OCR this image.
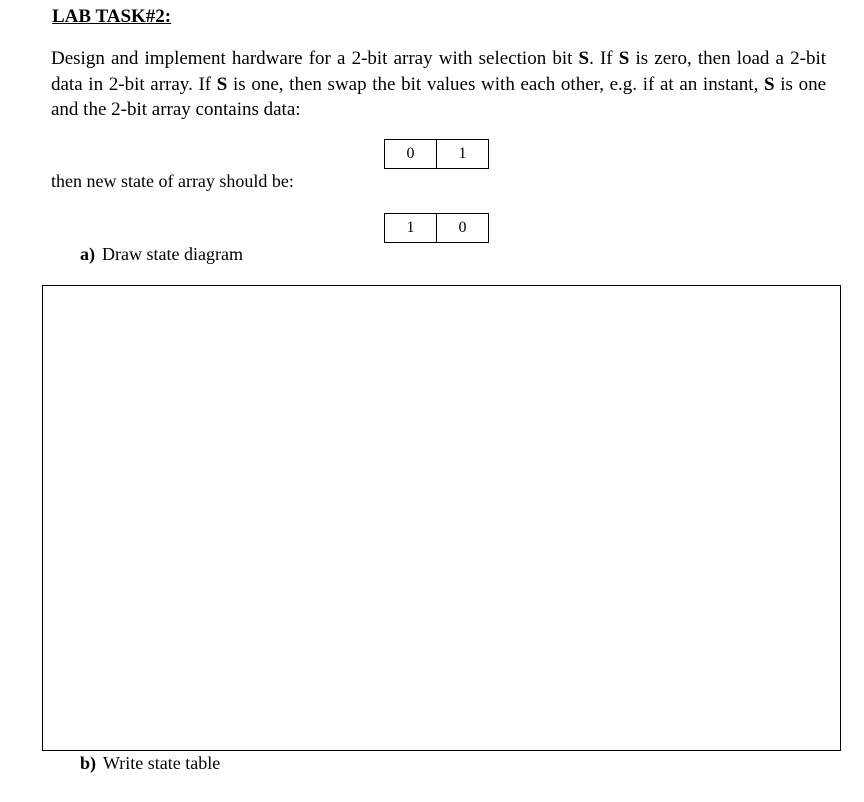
LAB TASK#2:
Design and implement hardware for a 2-bit array with selection bit S. If S is zero, then load a 2-bit
data in 2-bit array. If S is one, then swap the bit values with each other, e.g. if at an instant, S is one
and the 2-bit array contains data:
0	1
then new state of array should be:
1	0
a) Draw state diagram
b) Write state table
